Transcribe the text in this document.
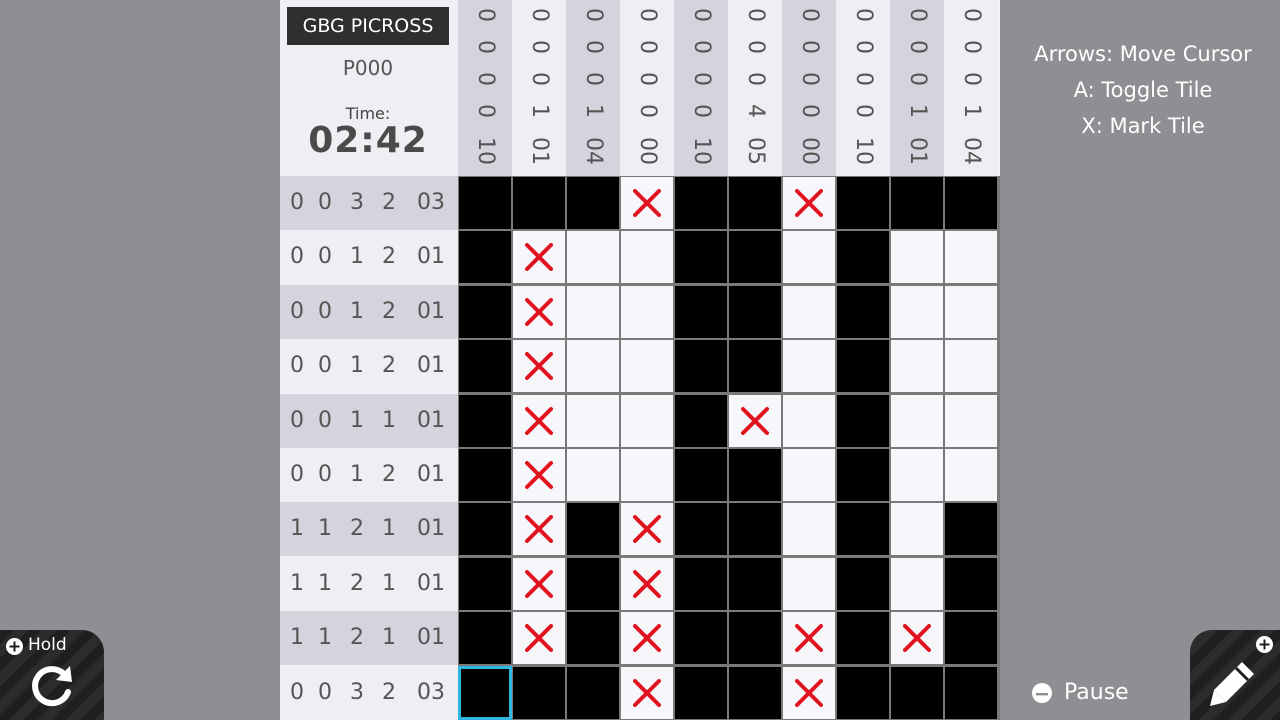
GBG PICROSS
P000
Time:
02:42
0
0
0
0
10
0
0
0
1
01
0
0
0
1
04
0
0
0
0
00
0
0
0
0
10
0
0
0
4
05
0
0
0
0
00
0
0
0
0
10
0
0
0
1
01
0
0
0
1
04
0 0 3 2 03
0 0 1 2 01
0 0 1 2 01
0 0 1 2 01
0 0 1 1 01
0 0 1 2 01
1 1 2 1 01
1 1 2 1 01
1 1 2 1 01
0 0 3 2 03
Arrows: Move Cursor
A: Toggle Tile
X: Mark Tile
Hold
Pause
